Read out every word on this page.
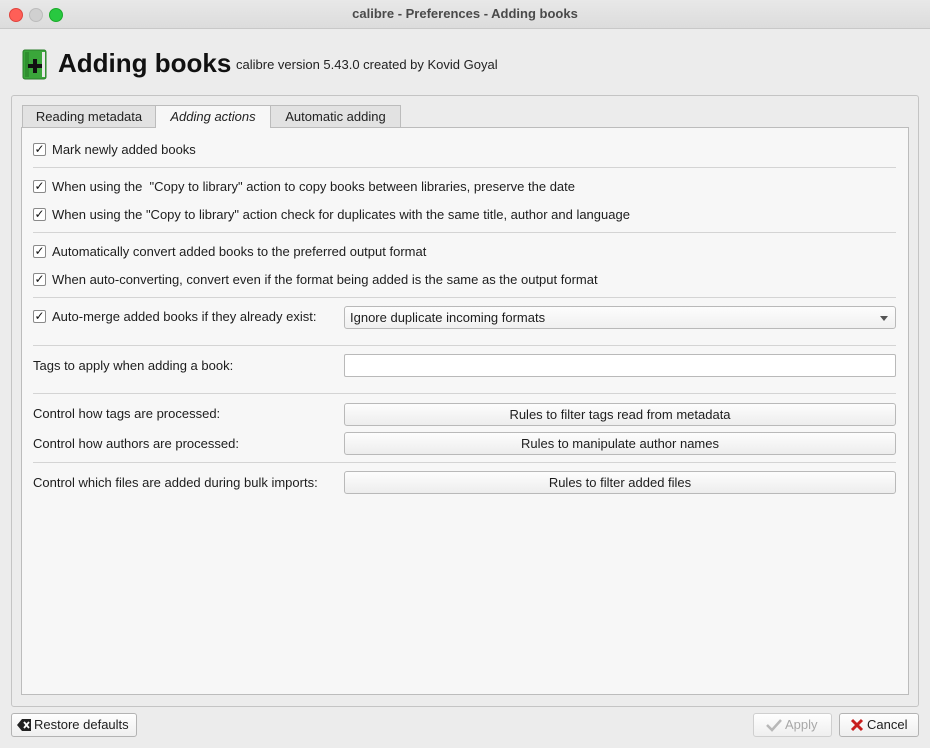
calibre - Preferences - Adding books
Adding books calibre version 5.43.0 created by Kovid Goyal
Reading metadata	Adding actions	Automatic adding
✓ Mark newly added books
✓ When using the  "Copy to library" action to copy books between libraries, preserve the date
✓ When using the "Copy to library" action check for duplicates with the same title, author and language
✓ Automatically convert added books to the preferred output format
✓ When auto-converting, convert even if the format being added is the same as the output format
✓ Auto-merge added books if they already exist:	Ignore duplicate incoming formats
Tags to apply when adding a book:
Control how tags are processed:	Rules to filter tags read from metadata
Control how authors are processed:	Rules to manipulate author names
Control which files are added during bulk imports:	Rules to filter added files
Restore defaults	Apply	Cancel
